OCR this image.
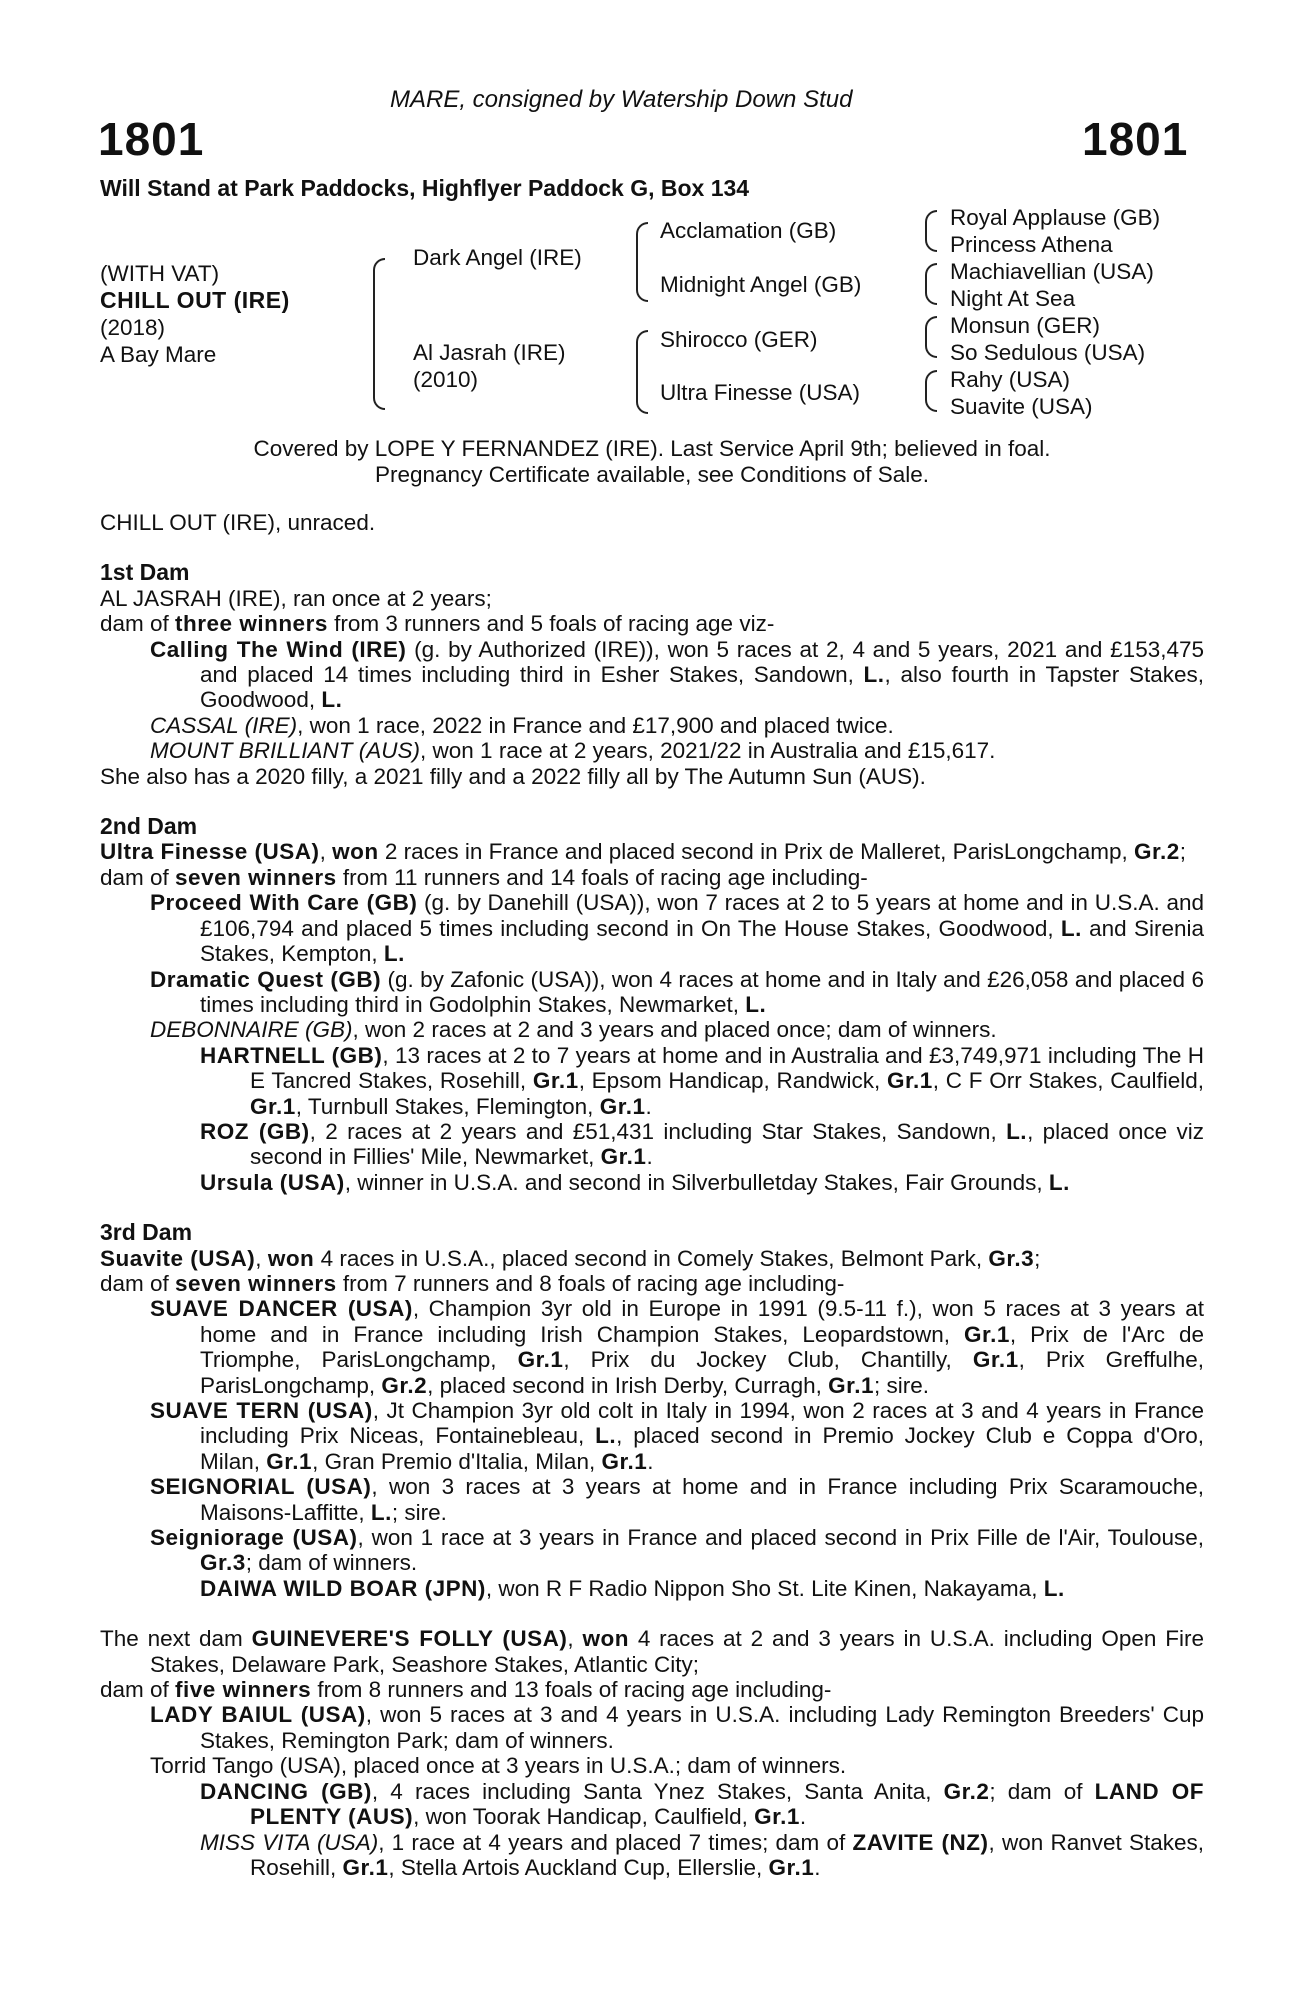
MARE, consigned by Watership Down Stud
1801	1801
Will Stand at Park Paddocks, Highflyer Paddock G, Box 134
(WITH VAT)
CHILL OUT (IRE)
(2018)
A Bay Mare
Dark Angel (IRE)
Al Jasrah (IRE)
(2010)
Acclamation (GB)
Midnight Angel (GB)
Shirocco (GER)
Ultra Finesse (USA)
Royal Applause (GB)
Princess Athena
Machiavellian (USA)
Night At Sea
Monsun (GER)
So Sedulous (USA)
Rahy (USA)
Suavite (USA)
Covered by LOPE Y FERNANDEZ (IRE). Last Service April 9th; believed in foal.
Pregnancy Certificate available, see Conditions of Sale.

CHILL OUT (IRE), unraced.

1st Dam

AL JASRAH (IRE), ran once at 2 years;

dam of three winners from 3 runners and 5 foals of racing age viz-

Calling The Wind (IRE) (g. by Authorized (IRE)), won 5 races at 2, 4 and 5 years, 2021 and £153,475 and placed 14 times including third in Esher Stakes, Sandown, L., also fourth in Tapster Stakes, Goodwood, L.

CASSAL (IRE), won 1 race, 2022 in France and £17,900 and placed twice.

MOUNT BRILLIANT (AUS), won 1 race at 2 years, 2021/22 in Australia and £15,617.

She also has a 2020 filly, a 2021 filly and a 2022 filly all by The Autumn Sun (AUS).

2nd Dam

Ultra Finesse (USA), won 2 races in France and placed second in Prix de Malleret, ParisLongchamp, Gr.2;

dam of seven winners from 11 runners and 14 foals of racing age including-

Proceed With Care (GB) (g. by Danehill (USA)), won 7 races at 2 to 5 years at home and in U.S.A. and £106,794 and placed 5 times including second in On The House Stakes, Goodwood, L. and Sirenia Stakes, Kempton, L.

Dramatic Quest (GB) (g. by Zafonic (USA)), won 4 races at home and in Italy and £26,058 and placed 6 times including third in Godolphin Stakes, Newmarket, L.

DEBONNAIRE (GB), won 2 races at 2 and 3 years and placed once; dam of winners.

HARTNELL (GB), 13 races at 2 to 7 years at home and in Australia and £3,749,971 including The H E Tancred Stakes, Rosehill, Gr.1, Epsom Handicap, Randwick, Gr.1, C F Orr Stakes, Caulfield, Gr.1, Turnbull Stakes, Flemington, Gr.1.

ROZ (GB), 2 races at 2 years and £51,431 including Star Stakes, Sandown, L., placed once viz second in Fillies' Mile, Newmarket, Gr.1.

Ursula (USA), winner in U.S.A. and second in Silverbulletday Stakes, Fair Grounds, L.

3rd Dam

Suavite (USA), won 4 races in U.S.A., placed second in Comely Stakes, Belmont Park, Gr.3;

dam of seven winners from 7 runners and 8 foals of racing age including-

SUAVE DANCER (USA), Champion 3yr old in Europe in 1991 (9.5-11 f.), won 5 races at 3 years at home and in France including Irish Champion Stakes, Leopardstown, Gr.1, Prix de l'Arc de Triomphe, ParisLongchamp, Gr.1, Prix du Jockey Club, Chantilly, Gr.1, Prix Greffulhe, ParisLongchamp, Gr.2, placed second in Irish Derby, Curragh, Gr.1; sire.

SUAVE TERN (USA), Jt Champion 3yr old colt in Italy in 1994, won 2 races at 3 and 4 years in France including Prix Niceas, Fontainebleau, L., placed second in Premio Jockey Club e Coppa d'Oro, Milan, Gr.1, Gran Premio d'Italia, Milan, Gr.1.

SEIGNORIAL (USA), won 3 races at 3 years at home and in France including Prix Scaramouche, Maisons-Laffitte, L.; sire.

Seigniorage (USA), won 1 race at 3 years in France and placed second in Prix Fille de l'Air, Toulouse, Gr.3; dam of winners.

DAIWA WILD BOAR (JPN), won R F Radio Nippon Sho St. Lite Kinen, Nakayama, L.

The next dam GUINEVERE'S FOLLY (USA), won 4 races at 2 and 3 years in U.S.A. including Open Fire Stakes, Delaware Park, Seashore Stakes, Atlantic City;

dam of five winners from 8 runners and 13 foals of racing age including-

LADY BAIUL (USA), won 5 races at 3 and 4 years in U.S.A. including Lady Remington Breeders' Cup Stakes, Remington Park; dam of winners.

Torrid Tango (USA), placed once at 3 years in U.S.A.; dam of winners.

DANCING (GB), 4 races including Santa Ynez Stakes, Santa Anita, Gr.2; dam of LAND OF PLENTY (AUS), won Toorak Handicap, Caulfield, Gr.1.

MISS VITA (USA), 1 race at 4 years and placed 7 times; dam of ZAVITE (NZ), won Ranvet Stakes, Rosehill, Gr.1, Stella Artois Auckland Cup, Ellerslie, Gr.1.
